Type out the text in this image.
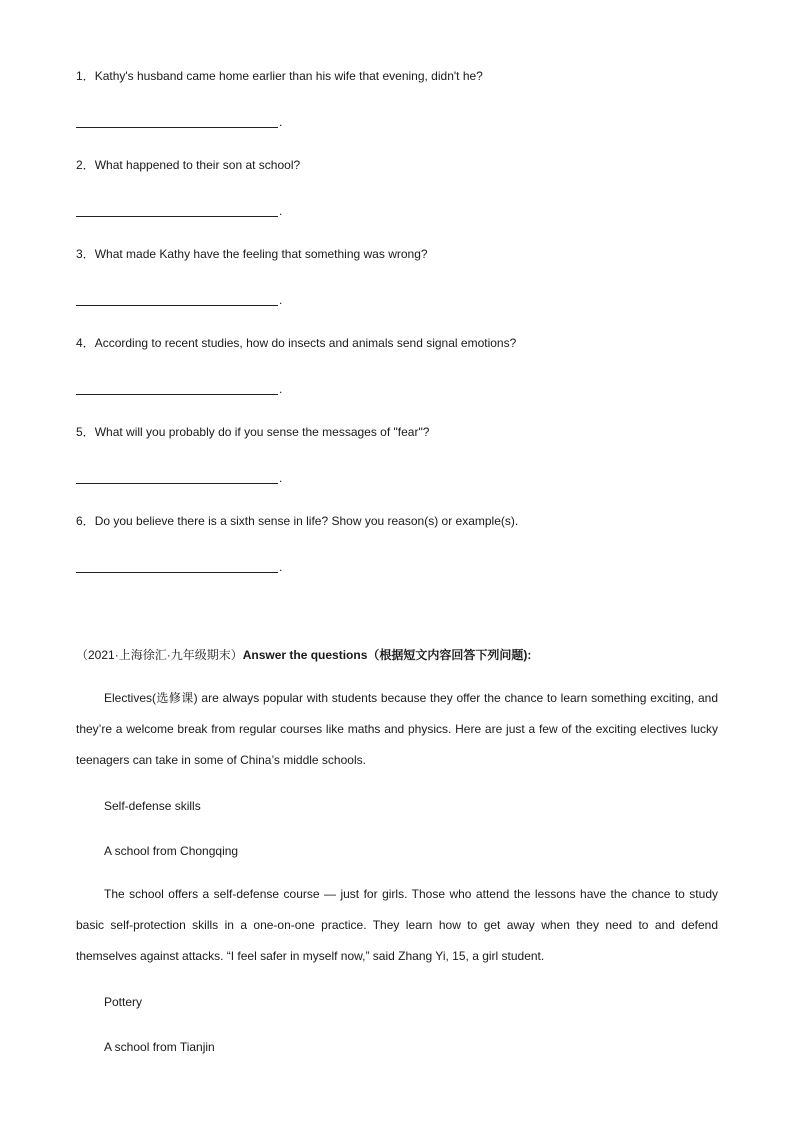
1．Kathy's husband came home earlier than his wife that evening, didn't he?
.
2．What happened to their son at school?
.
3．What made Kathy have the feeling that something was wrong?
.
4．According to recent studies, how do insects and animals send signal emotions?
.
5．What will you probably do if you sense the messages of "fear"?
.
6．Do you believe there is a sixth sense in life? Show you reason(s) or example(s).
.
（2021·上海徐汇·九年级期末）Answer the questions（根据短文内容回答下列问题):

Electives(选修课) are always popular with students because they offer the chance to learn something exciting, and they’re a welcome break from regular courses like maths and physics. Here are just a few of the exciting electives lucky teenagers can take in some of China’s middle schools.

Self-defense skills
A school from Chongqing

The school offers a self-defense course — just for girls. Those who attend the lessons have the chance to study basic self-protection skills in a one-on-one practice. They learn how to get away when they need to and defend themselves against attacks. “I feel safer in myself now,” said Zhang Yi, 15, a girl student.

Pottery
A school from Tianjin
